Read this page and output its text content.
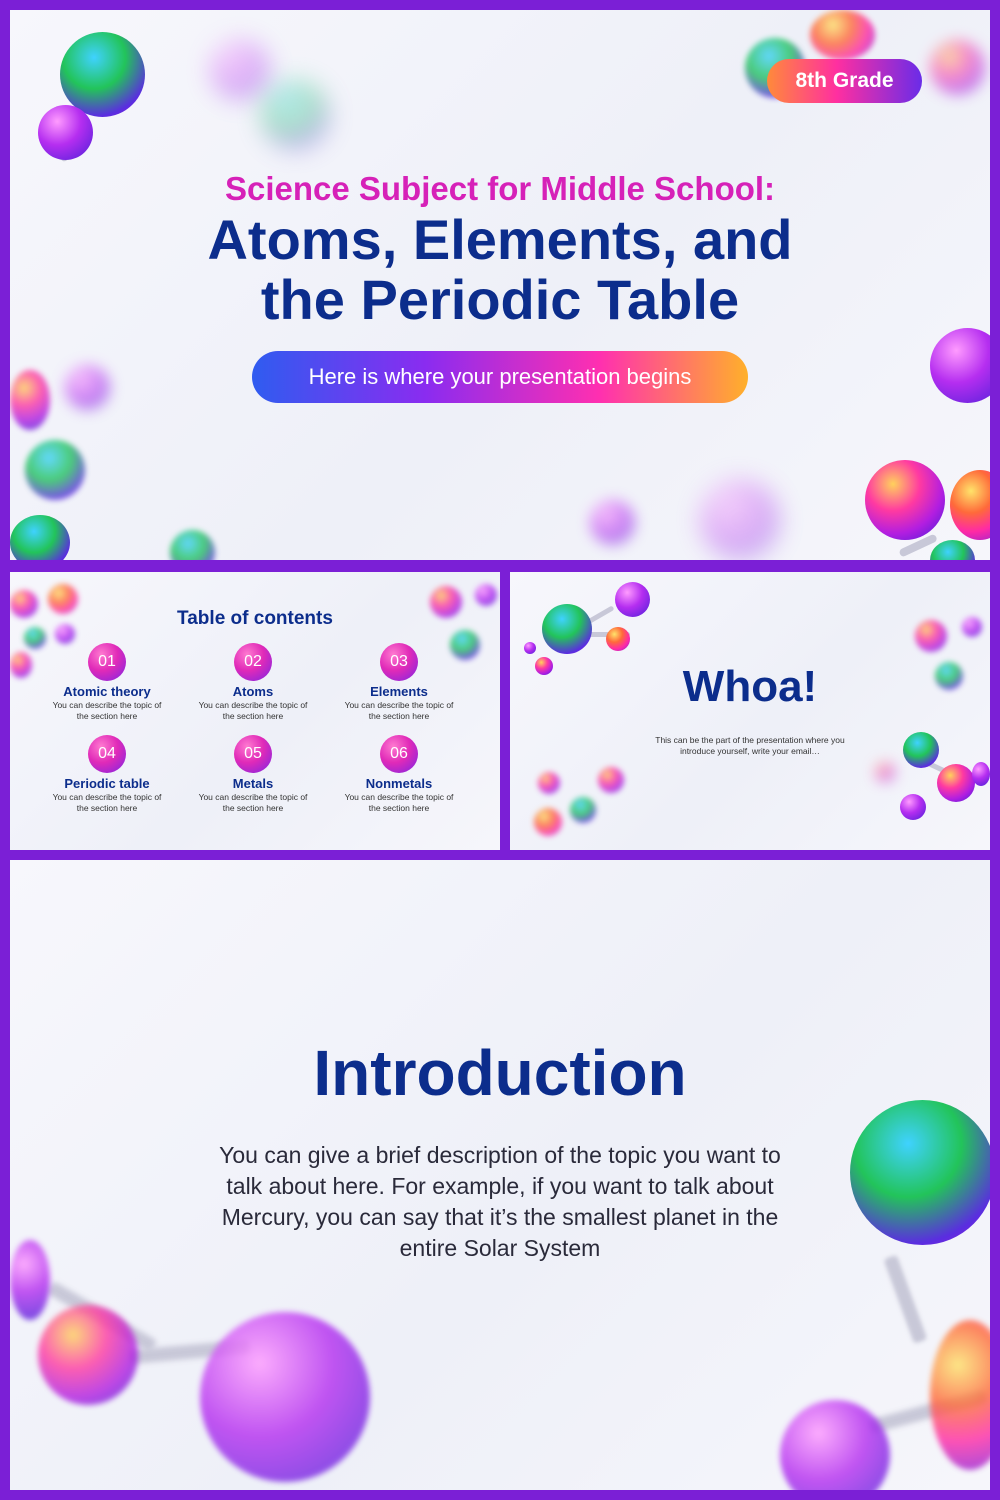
8th Grade
Science Subject for Middle School:
Atoms, Elements, and
the Periodic Table
Here is where your presentation begins
Table of contents
01
Atomic theory
You can describe the topic of the section here
02
Atoms
You can describe the topic of the section here
03
Elements
You can describe the topic of the section here
04
Periodic table
You can describe the topic of the section here
05
Metals
You can describe the topic of the section here
06
Nonmetals
You can describe the topic of the section here
Whoa!
This can be the part of the presentation where you introduce yourself, write your email…
Introduction
You can give a brief description of the topic you want to talk about here. For example, if you want to talk about Mercury, you can say that it’s the smallest planet in the entire Solar System
